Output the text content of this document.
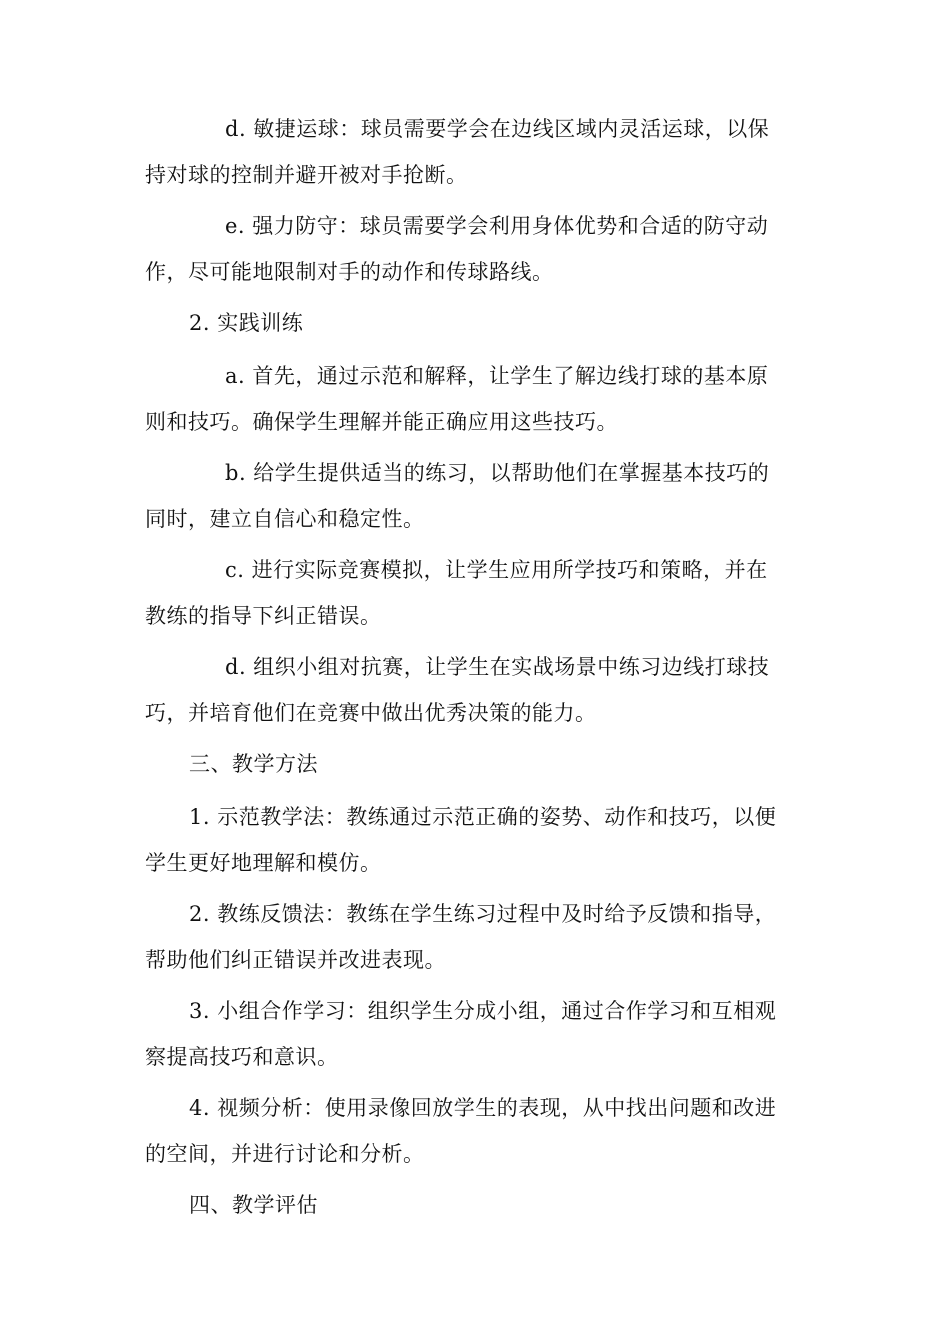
d. 敏捷运球：球员需要学会在边线区域内灵活运球，以保
持对球的控制并避开被对手抢断。

e. 强力防守：球员需要学会利用身体优势和合适的防守动
作，尽可能地限制对手的动作和传球路线。

2. 实践训练

a. 首先，通过示范和解释，让学生了解边线打球的基本原
则和技巧。确保学生理解并能正确应用这些技巧。

b. 给学生提供适当的练习，以帮助他们在掌握基本技巧的
同时，建立自信心和稳定性。

c. 进行实际竞赛模拟，让学生应用所学技巧和策略，并在
教练的指导下纠正错误。

d. 组织小组对抗赛，让学生在实战场景中练习边线打球技
巧，并培育他们在竞赛中做出优秀决策的能力。

三、教学方法

1. 示范教学法：教练通过示范正确的姿势、动作和技巧，以便
学生更好地理解和模仿。

2. 教练反馈法：教练在学生练习过程中及时给予反馈和指导，
帮助他们纠正错误并改进表现。

3. 小组合作学习：组织学生分成小组，通过合作学习和互相观
察提高技巧和意识。

4. 视频分析：使用录像回放学生的表现，从中找出问题和改进
的空间，并进行讨论和分析。

四、教学评估
